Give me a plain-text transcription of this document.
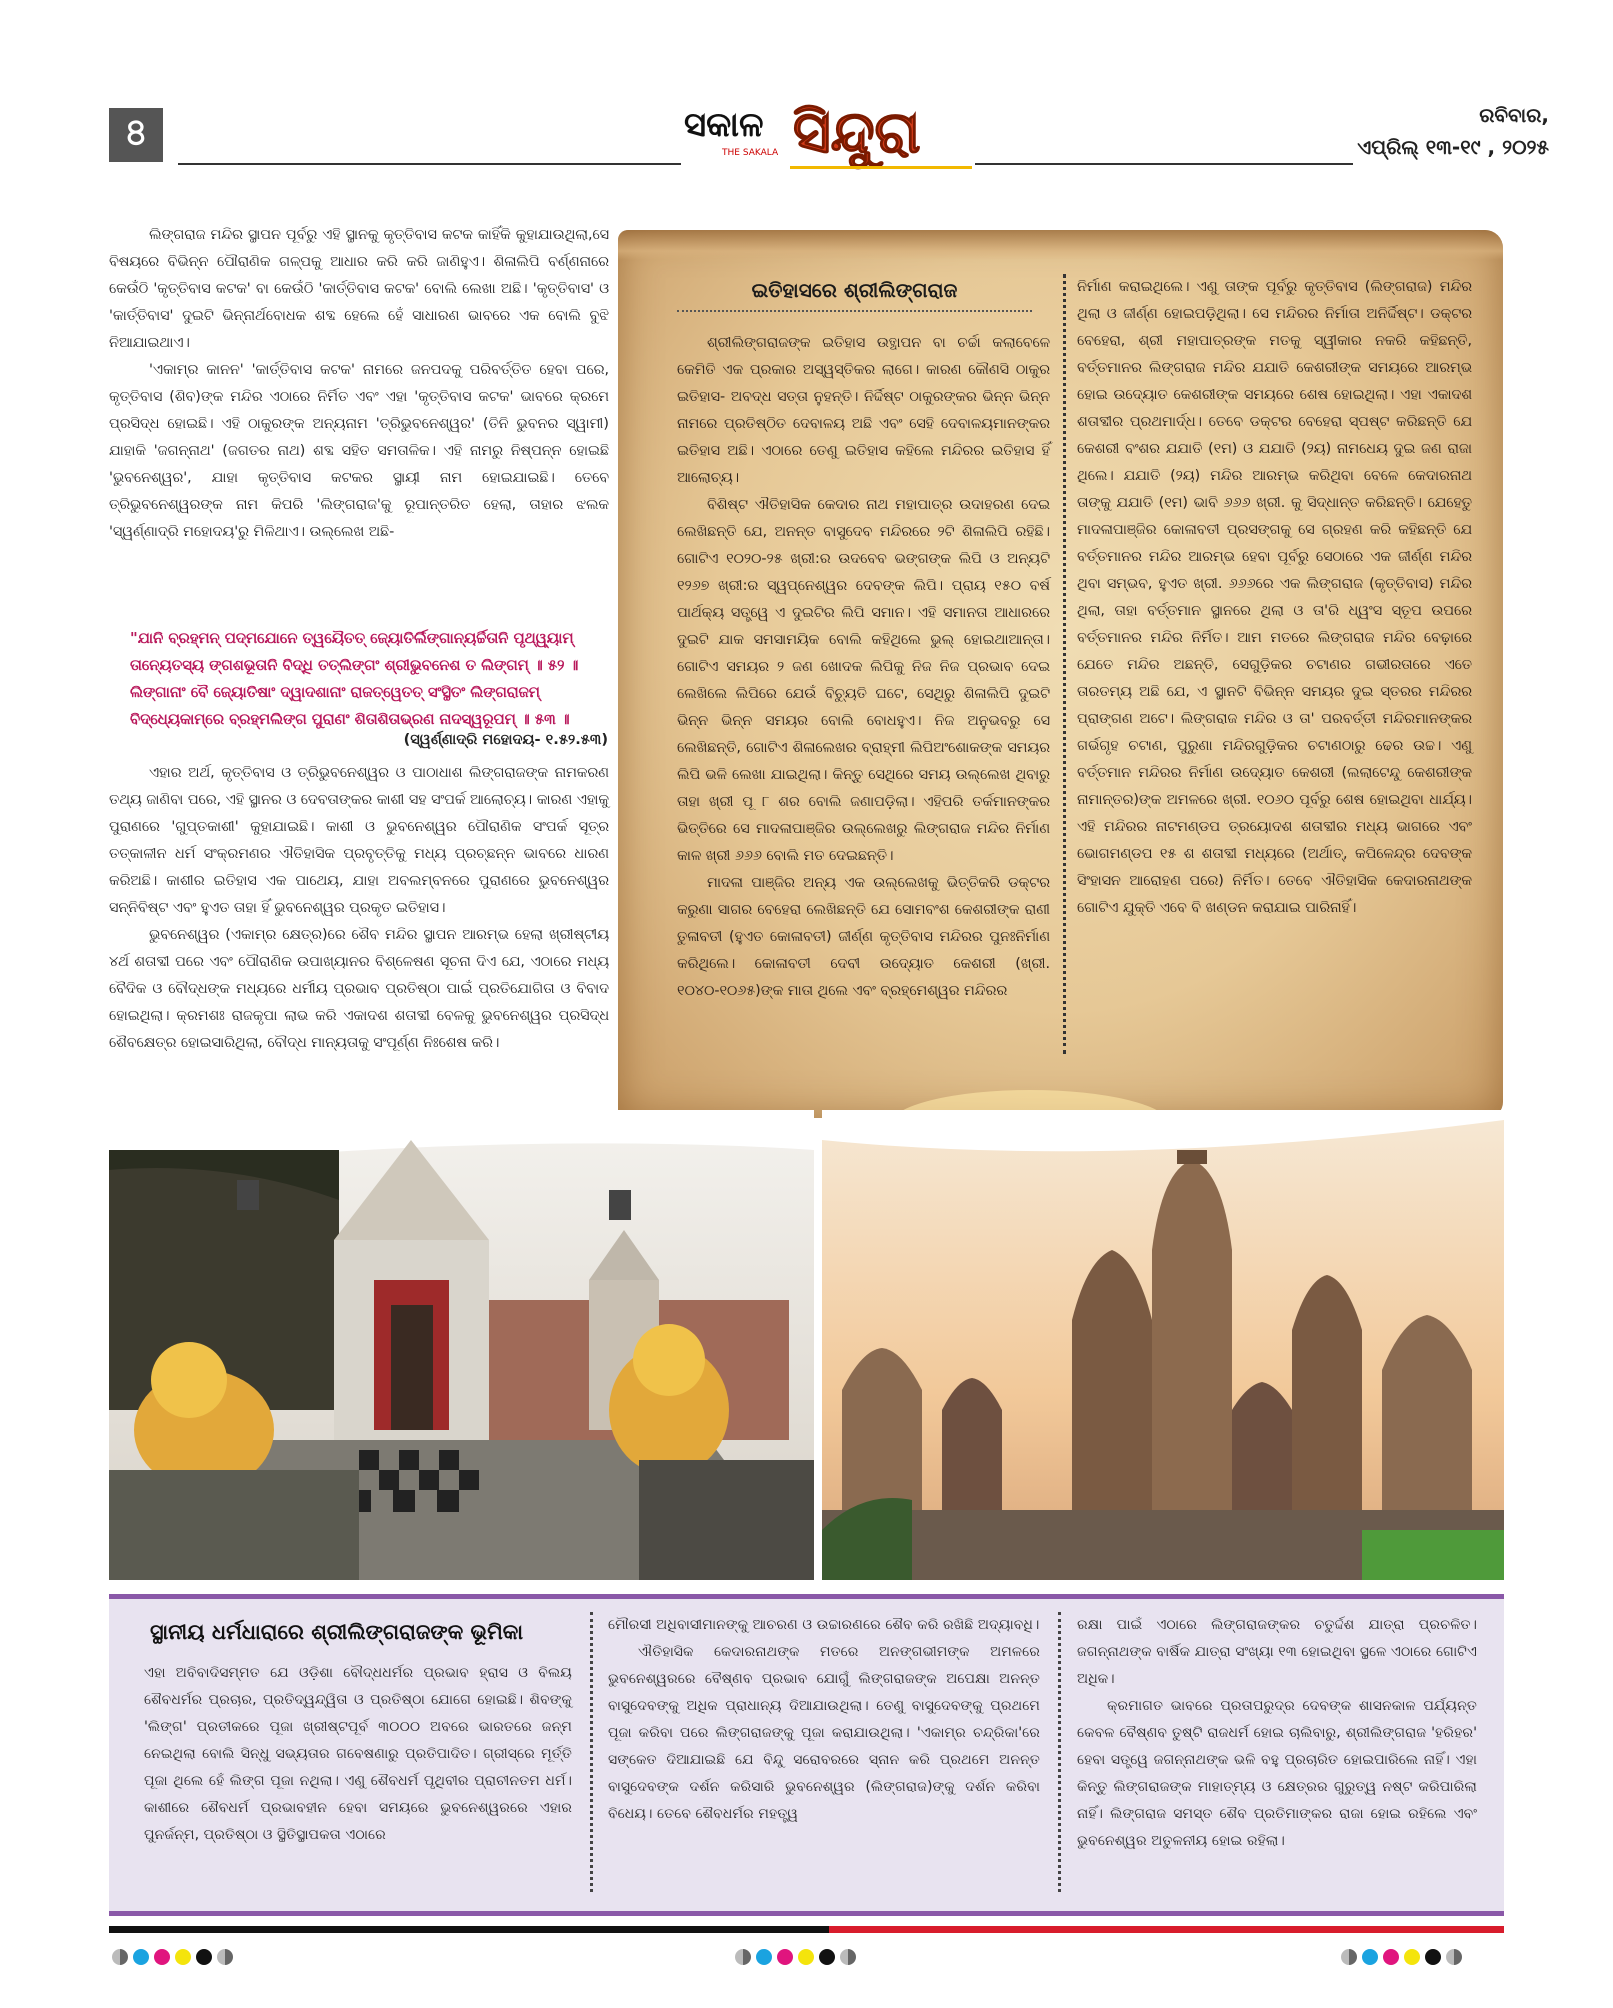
৪	ସକାଳ
THE SAKALA ସିନ୍ଦୁରା	ରବିବାର,
ଏପ୍ରିଲ୍ ୧୩-୧୯ , ୨୦୨୫

ଲିଙ୍ଗରାଜ ମନ୍ଦିର ସ୍ଥାପନ ପୂର୍ବରୁ ଏହି ସ୍ଥାନକୁ କୃତ୍ତିବାସ କଟକ କାହିଁକି କୁହାଯାଉଥିଲା,ସେ ବିଷୟରେ ବିଭିନ୍ନ ପୌରାଣିକ ଗଳ୍ପକୁ ଆଧାର କରି କରି ଜାଣିହୁଏ। ଶିଳାଲିପି ବର୍ଣ୍ଣନାରେ କେଉଁଠି 'କୃତ୍ତିବାସ କଟକ' ବା କେଉଁଠି 'କାର୍ତ୍ତିବାସ କଟକ' ବୋଲି ଲେଖା ଅଛି। 'କୃତ୍ତିବାସ' ଓ 'କାର୍ତ୍ତିବାସ' ଦୁଇଟି ଭିନ୍ନାର୍ଥବୋଧକ ଶବ୍ଦ ହେଲେ ହେଁ ସାଧାରଣ ଭାବରେ ଏକ ବୋଲି ବୁଝି ନିଆଯାଇଥାଏ।

'ଏକାମ୍ର କାନନ' 'କାର୍ତ୍ତିବାସ କଟକ' ନାମରେ ଜନପଦକୁ ପରିବର୍ତ୍ତିତ ହେବା ପରେ, କୃତ୍ତିବାସ (ଶିବ)ଙ୍କ ମନ୍ଦିର ଏଠାରେ ନିର୍ମିତ ଏବଂ ଏହା 'କୃତ୍ତିବାସ କଟକ' ଭାବରେ କ୍ରମେ ପ୍ରସିଦ୍ଧ ହୋଇଛି। ଏହି ଠାକୁରଙ୍କ ଅନ୍ୟନାମ 'ତ୍ରିଭୁବନେଶ୍ୱର' (ତିନି ଭୁବନର ସ୍ୱାମୀ) ଯାହାକି 'ଜଗନ୍ନାଥ' (ଜଗତର ନାଥ) ଶବ୍ଦ ସହିତ ସମତାଳିକ। ଏହି ନାମରୁ ନିଷ୍ପନ୍ନ ହୋଇଛି 'ଭୁବନେଶ୍ୱର', ଯାହା କୃତ୍ତିବାସ କଟକର ସ୍ଥାୟୀ ନାମ ହୋଇଯାଇଛି। ତେବେ ତ୍ରିଭୁବନେଶ୍ୱରଙ୍କ ନାମ କିପରି 'ଲିଙ୍ଗରାଜ'କୁ ରୂପାନ୍ତରିତ ହେଲା, ତାହାର ଝଲକ 'ସ୍ୱର୍ଣ୍ଣାଦ୍ରି ମହୋଦୟ'ରୁ ମିଳିଥାଏ। ଉଲ୍ଲେଖ ଅଛି-

"ଯାନି ବ୍ରହ୍ମନ୍ ପଦ୍ମଯୋନେ ତ୍ୱୟୈତତ୍ ଜ୍ୟୋତିର୍ଲିଙ୍ଗାନ୍ୟର୍ଚ୍ଚିତାନି ପୃଥ୍ୱ୍ୟାମ୍ ତାନ୍ୟେତସ୍ୟ ଙ୍ଗଶଭୂତାନି ବିଦ୍ଧି ତତ୍ଲିଙ୍ଗଂ ଶ୍ରୀଭୁବନେଶ ତ ଲିଙ୍ଗମ୍ ॥ ୫୨ ॥ ଲିଙ୍ଗାନାଂ ବୈ ଜ୍ୟୋତିଷାଂ ଦ୍ୱାଦଶାନାଂ ରାଜତ୍ୱେତତ୍ ସଂସ୍ଥିତଂ ଲିଙ୍ଗରାଜମ୍ ବିଦ୍ଧ୍ୟେକାମ୍ରେ ବ୍ରହ୍ମଲିଙ୍ଗ ପୁରାଣଂ ଶିତାଶିତାଭ୍ରଣ ନାଦସ୍ୱରୂପମ୍ ॥ ୫୩ ॥
(ସ୍ୱର୍ଣ୍ଣାଦ୍ରି ମହୋଦୟ- ୧.୫୨.୫୩)

ଏହାର ଅର୍ଥ, କୃତ୍ତିବାସ ଓ ତ୍ରିଭୁବନେଶ୍ୱର ଓ ପାଠାଧାଶ ଲିଙ୍ଗରାଜଙ୍କ ନାମକରଣ ତଥ୍ୟ ଜାଣିବା ପରେ, ଏହି ସ୍ଥାନର ଓ ଦେବତାଙ୍କର କାଶୀ ସହ ସଂପର୍କ ଆଲୋଚ୍ୟ। କାରଣ ଏହାକୁ ପୁରାଣରେ 'ଗୁପ୍ତକାଶୀ' କୁହାଯାଇଛି। କାଶୀ ଓ ଭୁବନେଶ୍ୱର ପୌରାଣିକ ସଂପର୍କ ସୂତ୍ର ତତ୍କାଳୀନ ଧର୍ମ ସଂକ୍ରମଣର ଐତିହାସିକ ପ୍ରବୃତ୍ତିକୁ ମଧ୍ୟ ପ୍ରଚ୍ଛନ୍ନ ଭାବରେ ଧାରଣ କରିଅଛି। କାଶୀର ଇତିହାସ ଏକ ପାଥେୟ, ଯାହା ଅବଲମ୍ବନରେ ପୁରାଣରେ ଭୁବନେଶ୍ୱର ସନ୍ନିବିଷ୍ଟ ଏବଂ ହୁଏତ ତାହା ହିଁ ଭୁବନେଶ୍ୱର ପ୍ରକୃତ ଇତିହାସ।

ଭୁବନେଶ୍ୱର (ଏକାମ୍ର କ୍ଷେତ୍ର)ରେ ଶୈବ ମନ୍ଦିର ସ୍ଥାପନ ଆରମ୍ଭ ହେଲା ଖ୍ରୀଷ୍ଟୀୟ ୪ର୍ଥ ଶତାବ୍ଦୀ ପରେ ଏବଂ ପୌରାଣିକ ଉପାଖ୍ୟାନର ବିଶ୍ଳେଷଣ ସୂଚନା ଦିଏ ଯେ, ଏଠାରେ ମଧ୍ୟ ବୈଦିକ ଓ ବୌଦ୍ଧଙ୍କ ମଧ୍ୟରେ ଧର୍ମୀୟ ପ୍ରଭାବ ପ୍ରତିଷ୍ଠା ପାଇଁ ପ୍ରତିଯୋଗିତା ଓ ବିବାଦ ହୋଇଥିଲା। କ୍ରମଶଃ ରାଜକୃପା ଲାଭ କରି ଏକାଦଶ ଶତାବ୍ଦୀ ବେଳକୁ ଭୁବନେଶ୍ୱର ପ୍ରସିଦ୍ଧ ଶୈବକ୍ଷେତ୍ର ହୋଇସାରିଥିଲା, ବୌଦ୍ଧ ମାନ୍ୟତାକୁ ସଂପୂର୍ଣ୍ଣ ନିଃଶେଷ କରି।

ଇତିହାସରେ ଶ୍ରୀଲିଙ୍ଗରାଜ

ଶ୍ରୀଲିଙ୍ଗରାଜଙ୍କ ଇତିହାସ ଉତ୍ଥାପନ ବା ଚର୍ଚ୍ଚା କଲାବେଳେ କେମିତି ଏକ ପ୍ରକାର ଅସ୍ୱସ୍ତିକର ଲାଗେ। କାରଣ କୌଣସି ଠାକୁର ଇତିହାସ- ଅବଦ୍ଧ ସତ୍ତା ନୁହନ୍ତି। ନିର୍ଦ୍ଦିଷ୍ଟ ଠାକୁରଙ୍କର ଭିନ୍ନ ଭିନ୍ନ ନାମରେ ପ୍ରତିଷ୍ଠିତ ଦେବାଳୟ ଅଛି ଏବଂ ସେହି ଦେବାଳୟମାନଙ୍କର ଇତିହାସ ଅଛି। ଏଠାରେ ତେଣୁ ଇତିହାସ କହିଲେ ମନ୍ଦିରର ଇତିହାସ ହିଁ ଆଲୋଚ୍ୟ।

ବିଶିଷ୍ଟ ଐତିହାସିକ କେଦାର ନାଥ ମହାପାତ୍ର ଉଦାହରଣ ଦେଇ ଲେଖିଛନ୍ତି ଯେ, ଅନନ୍ତ ବାସୁଦେବ ମନ୍ଦିରରେ ୨ଟି ଶିଳାଲିପି ରହିଛି। ଗୋଟିଏ ୧୦୨୦-୨୫ ଖ୍ରୀ:ର ଉଦବେବ ଭଙ୍ଗଙ୍କ ଲିପି ଓ ଅନ୍ୟଟି ୧୨୬୭ ଖ୍ରୀ:ର ସ୍ୱପ୍ନେଶ୍ୱର ଦେବଙ୍କ ଲିପି। ପ୍ରାୟ ୧୫୦ ବର୍ଷ ପାର୍ଥକ୍ୟ ସତ୍ତ୍ୱେ ଏ ଦୁଇଟିର ଲିପି ସମାନ। ଏହି ସମାନତା ଆଧାରରେ ଦୁଇଟି ଯାକ ସମସାମୟିକ ବୋଲି କହିଥିଲେ ଭୁଲ୍ ହୋଇଥାଆନ୍ତା। ଗୋଟିଏ ସମୟର ୨ ଜଣ ଖୋଦକ ଲିପିକୁ ନିଜ ନିଜ ପ୍ରଭାବ ଦେଇ ଲେଖିଲେ ଲିପିରେ ଯେଉଁ ବିଚ୍ୟୁତି ଘଟେ, ସେଥିରୁ ଶିଳାଲିପି ଦୁଇଟି ଭିନ୍ନ ଭିନ୍ନ ସମୟର ବୋଲି ବୋଧହୁଏ। ନିଜ ଅନୁଭବରୁ ସେ ଲେଖିଛନ୍ତି, ଗୋଟିଏ ଶିଳାଲେଖର ବ୍ରାହ୍ମୀ ଲିପିଅଂଶୋକଙ୍କ ସମୟର ଲିପି ଭଳି ଲେଖା ଯାଇଥିଲା। କିନ୍ତୁ ସେଥିରେ ସମୟ ଉଲ୍ଲେଖ ଥିବାରୁ ତାହା ଖ୍ରୀ ପୂ ୮ ଶର ବୋଲି ଜଣାପଡ଼ିଲା। ଏହିପରି ତର୍କମାନଙ୍କର ଭିତ୍ତିରେ ସେ ମାଦଳାପାଞ୍ଜିର ଉଲ୍ଲେଖରୁ ଲିଙ୍ଗରାଜ ମନ୍ଦିର ନିର୍ମାଣ କାଳ ଖ୍ରୀ ୬୬୬ ବୋଲି ମତ ଦେଇଛନ୍ତି।

ମାଦଳା ପାଞ୍ଜିର ଅନ୍ୟ ଏକ ଉଲ୍ଲେଖକୁ ଭିତ୍ତିକରି ଡକ୍ଟର କରୁଣା ସାଗର ବେହେରା ଲେଖିଛନ୍ତି ଯେ ସୋମବଂଶ କେଶରୀଙ୍କ ରାଣୀ ତୁଳାବତୀ (ହୁଏତ କୋଳାବତୀ) ଜୀର୍ଣ୍ଣ କୃତ୍ତିବାସ ମନ୍ଦିରର ପୁନଃନିର୍ମାଣ କରିଥିଲେ। କୋଳାବତୀ ଦେବୀ ଉଦ୍ୟୋତ କେଶରୀ (ଖ୍ରୀ. ୧୦୪୦-୧୦୬୫)ଙ୍କ ମାତା ଥିଲେ ଏବଂ ବ୍ରହ୍ମେଶ୍ୱର ମନ୍ଦିରର

ନିର୍ମାଣ କରାଇଥିଲେ। ଏଣୁ ତାଙ୍କ ପୂର୍ବରୁ କୃତ୍ତିବାସ (ଲିଙ୍ଗରାଜ) ମନ୍ଦିର ଥିଲା ଓ ଜୀର୍ଣ୍ଣ ହୋଇପଡ଼ିଥିଲା। ସେ ମନ୍ଦିରର ନିର୍ମାତା ଅନିର୍ଦ୍ଦିଷ୍ଟ। ଡକ୍ଟର ବେହେରା, ଶ୍ରୀ ମହାପାତ୍ରଙ୍କ ମତକୁ ସ୍ୱୀକାର ନକରି କହିଛନ୍ତି, ବର୍ତ୍ତମାନର ଲିଙ୍ଗରାଜ ମନ୍ଦିର ଯଯାତି କେଶରୀଙ୍କ ସମୟରେ ଆରମ୍ଭ ହୋଇ ଉଦ୍ୟୋତ କେଶରୀଙ୍କ ସମୟରେ ଶେଷ ହୋଇଥିଲା। ଏହା ଏକାଦଶ ଶତାବ୍ଦୀର ପ୍ରଥମାର୍ଦ୍ଧ। ତେବେ ଡକ୍ଟର ବେହେରା ସ୍ପଷ୍ଟ କରିଛନ୍ତି ଯେ କେଶରୀ ବଂଶର ଯଯାତି (୧ମ) ଓ ଯଯାତି (୨ୟ) ନାମଧେୟ ଦୁଇ ଜଣ ରାଜା ଥିଲେ। ଯଯାତି (୨ୟ) ମନ୍ଦିର ଆରମ୍ଭ କରିଥିବା ବେଳେ କେଦାରନାଥ ତାଙ୍କୁ ଯଯାତି (୧ମ) ଭାବି ୬୬୬ ଖ୍ରୀ. କୁ ସିଦ୍ଧାନ୍ତ କରିଛନ୍ତି। ଯେହେତୁ ମାଦଳାପାଞ୍ଜିର କୋଳାବତୀ ପ୍ରସଙ୍ଗକୁ ସେ ଗ୍ରହଣ କରି କହିଛନ୍ତି ଯେ ବର୍ତ୍ତମାନର ମନ୍ଦିର ଆରମ୍ଭ ହେବା ପୂର୍ବରୁ ସେଠାରେ ଏକ ଜୀର୍ଣ୍ଣ ମନ୍ଦିର ଥିବା ସମ୍ଭବ, ହୁଏତ ଖ୍ରୀ. ୬୬୬ରେ ଏକ ଲିଙ୍ଗରାଜ (କୃତ୍ତିବାସ) ମନ୍ଦିର ଥିଲା, ତାହା ବର୍ତ୍ତମାନ ସ୍ଥାନରେ ଥିଲା ଓ ତା'ରି ଧ୍ୱଂସ ସ୍ତୂପ ଉପରେ ବର୍ତ୍ତମାନର ମନ୍ଦିର ନିର୍ମିତ। ଆମ ମତରେ ଲିଙ୍ଗରାଜ ମନ୍ଦିର ବେଢ଼ାରେ ଯେତେ ମନ୍ଦିର ଅଛନ୍ତି, ସେଗୁଡ଼ିକର ଚଟାଣର ଗଭୀରତାରେ ଏତେ ତାରତମ୍ୟ ଅଛି ଯେ, ଏ ସ୍ଥାନଟି ବିଭିନ୍ନ ସମୟର ଦୁଇ ସ୍ତରର ମନ୍ଦିରର ପ୍ରାଙ୍ଗଣ ଅଟେ। ଲିଙ୍ଗରାଜ ମନ୍ଦିର ଓ ତା' ପରବର୍ତ୍ତୀ ମନ୍ଦିରମାନଙ୍କର ଗର୍ଭଗୃହ ଚଟାଣ, ପୁରୁଣା ମନ୍ଦିରଗୁଡ଼ିକର ଚଟାଣଠାରୁ ଢେର ଉଚ୍ଚ। ଏଣୁ ବର୍ତ୍ତମାନ ମନ୍ଦିରର ନିର୍ମାଣ ଉଦ୍ୟୋତ କେଶରୀ (ଲଲାଟେନ୍ଦୁ କେଶରୀଙ୍କ ନାମାନ୍ତର)ଙ୍କ ଅମଳରେ ଖ୍ରୀ. ୧୦୬୦ ପୂର୍ବରୁ ଶେଷ ହୋଇଥିବା ଧାର୍ଯ୍ୟ। ଏହି ମନ୍ଦିରର ନାଟମଣ୍ଡପ ତ୍ରୟୋଦଶ ଶତାବ୍ଦୀର ମଧ୍ୟ ଭାଗରେ ଏବଂ ଭୋଗମଣ୍ଡପ ୧୫ ଶ ଶତାବ୍ଦୀ ମଧ୍ୟରେ (ଅର୍ଥାତ୍, କପିଳେନ୍ଦ୍ର ଦେବଙ୍କ ସିଂହାସନ ଆରୋହଣ ପରେ) ନିର୍ମିତ। ତେବେ ଐତିହାସିକ କେଦାରନାଥଙ୍କ ଗୋଟିଏ ଯୁକ୍ତି ଏବେ ବି ଖଣ୍ଡନ କରାଯାଇ ପାରିନାହିଁ।

ସ୍ଥାନୀୟ ଧର୍ମଧାରାରେ ଶ୍ରୀଲିଙ୍ଗରାଜଙ୍କ ଭୂମିକା

ଏହା ଅବିବାଦିସମ୍ମତ ଯେ ଓଡ଼ିଶା ବୌଦ୍ଧଧର୍ମର ପ୍ରଭାବ ହ୍ରାସ ଓ ବିଲୟ ଶୈବଧର୍ମର ପ୍ରଚାର, ପ୍ରତିଦ୍ୱନ୍ଦ୍ୱିତା ଓ ପ୍ରତିଷ୍ଠା ଯୋଗେ ହୋଇଛି। ଶିବଙ୍କୁ 'ଲିଙ୍ଗ' ପ୍ରତୀକରେ ପୂଜା ଖ୍ରୀଷ୍ଟପୂର୍ବ ୩୦୦୦ ଅବରେ ଭାରତରେ ଜନ୍ମ ନେଇଥିଲା ବୋଲି ସିନ୍ଧୁ ସଭ୍ୟତାର ଗବେଷଣାରୁ ପ୍ରତିପାଦିତ। ଗ୍ରୀସ୍‌ରେ ମୂର୍ତ୍ତି ପୂଜା ଥିଲେ ହେଁ ଲିଙ୍ଗ ପୂଜା ନଥିଲା। ଏଣୁ ଶୈବଧର୍ମ ପୃଥିବୀର ପ୍ରାଚୀନତମ ଧର୍ମ। କାଶୀରେ ଶୈବଧର୍ମ ପ୍ରଭାବହୀନ ହେବା ସମୟରେ ଭୁବନେଶ୍ୱରରେ ଏହାର ପୁନର୍ଜନ୍ମ, ପ୍ରତିଷ୍ଠା ଓ ସ୍ଥିତିସ୍ଥାପକତା ଏଠାରେ

ମୌରସୀ ଅଧିବାସୀମାନଙ୍କୁ ଆଚରଣ ଓ ଉଚ୍ଚାରଣରେ ଶୈବ କରି ରଖିଛି ଅଦ୍ୟାବଧି।

ଐତିହାସିକ କେଦାରନାଥଙ୍କ ମତରେ ଅନଙ୍ଗଭୀମଙ୍କ ଅମଳରେ ଭୁବନେଶ୍ୱରରେ ବୈଷ୍ଣବ ପ୍ରଭାବ ଯୋଗୁଁ ଲିଙ୍ଗରାଜଙ୍କ ଅପେକ୍ଷା ଅନନ୍ତ ବାସୁଦେବଙ୍କୁ ଅଧିକ ପ୍ରାଧାନ୍ୟ ଦିଆଯାଉଥିଲା। ତେଣୁ ବାସୁଦେବଙ୍କୁ ପ୍ରଥମେ ପୂଜା କରିବା ପରେ ଲିଙ୍ଗରାଜଙ୍କୁ ପୂଜା କରାଯାଉଥିଲା। 'ଏକାମ୍ର ଚନ୍ଦ୍ରିକା'ରେ ସଙ୍କେତ ଦିଆଯାଇଛି ଯେ ବିନ୍ଦୁ ସରୋବରରେ ସ୍ନାନ କରି ପ୍ରଥମେ ଅନନ୍ତ ବାସୁଦେବଙ୍କ ଦର୍ଶନ କରିସାରି ଭୁବନେଶ୍ୱର (ଲିଙ୍ଗରାଜ)ଙ୍କୁ ଦର୍ଶନ କରିବା ବିଧେୟ। ତେବେ ଶୈବଧର୍ମର ମହତ୍ତ୍ୱ

ରକ୍ଷା ପାଇଁ ଏଠାରେ ଲିଙ୍ଗରାଜଙ୍କର ଚତୁର୍ଦ୍ଦଶ ଯାତ୍ରା ପ୍ରଚଳିତ। ଜଗନ୍ନାଥଙ୍କ ବାର୍ଷିକ ଯାତ୍ରା ସଂଖ୍ୟା ୧୩ ହୋଇଥିବା ସ୍ଥଳେ ଏଠାରେ ଗୋଟିଏ ଅଧିକ।

କ୍ରମାଗତ ଭାବରେ ପ୍ରତାପରୁଦ୍ର ଦେବଙ୍କ ଶାସନକାଳ ପର୍ଯ୍ୟନ୍ତ କେବଳ ବୈଷ୍ଣବ ତୁଷ୍ଟି ରାଜଧର୍ମ ହୋଇ ଚାଲିବାରୁ, ଶ୍ରୀଲିଙ୍ଗରାଜ 'ହରିହର' ହେବା ସତ୍ତ୍ୱେ ଜଗନ୍ନାଥଙ୍କ ଭଳି ବହୁ ପ୍ରଚାରିତ ହୋଇପାରିଲେ ନାହିଁ। ଏହା କିନ୍ତୁ ଲିଙ୍ଗରାଜଙ୍କ ମାହାତ୍ମ୍ୟ ଓ କ୍ଷେତ୍ରର ଗୁରୁତ୍ୱ ନଷ୍ଟ କରିପାରିଲା ନାହିଁ। ଲିଙ୍ଗରାଜ ସମସ୍ତ ଶୈବ ପ୍ରତିମାଙ୍କର ରାଜା ହୋଇ ରହିଲେ ଏବଂ ଭୁବନେଶ୍ୱର ଅତୁଳନୀୟ ହୋଇ ରହିଲା।
